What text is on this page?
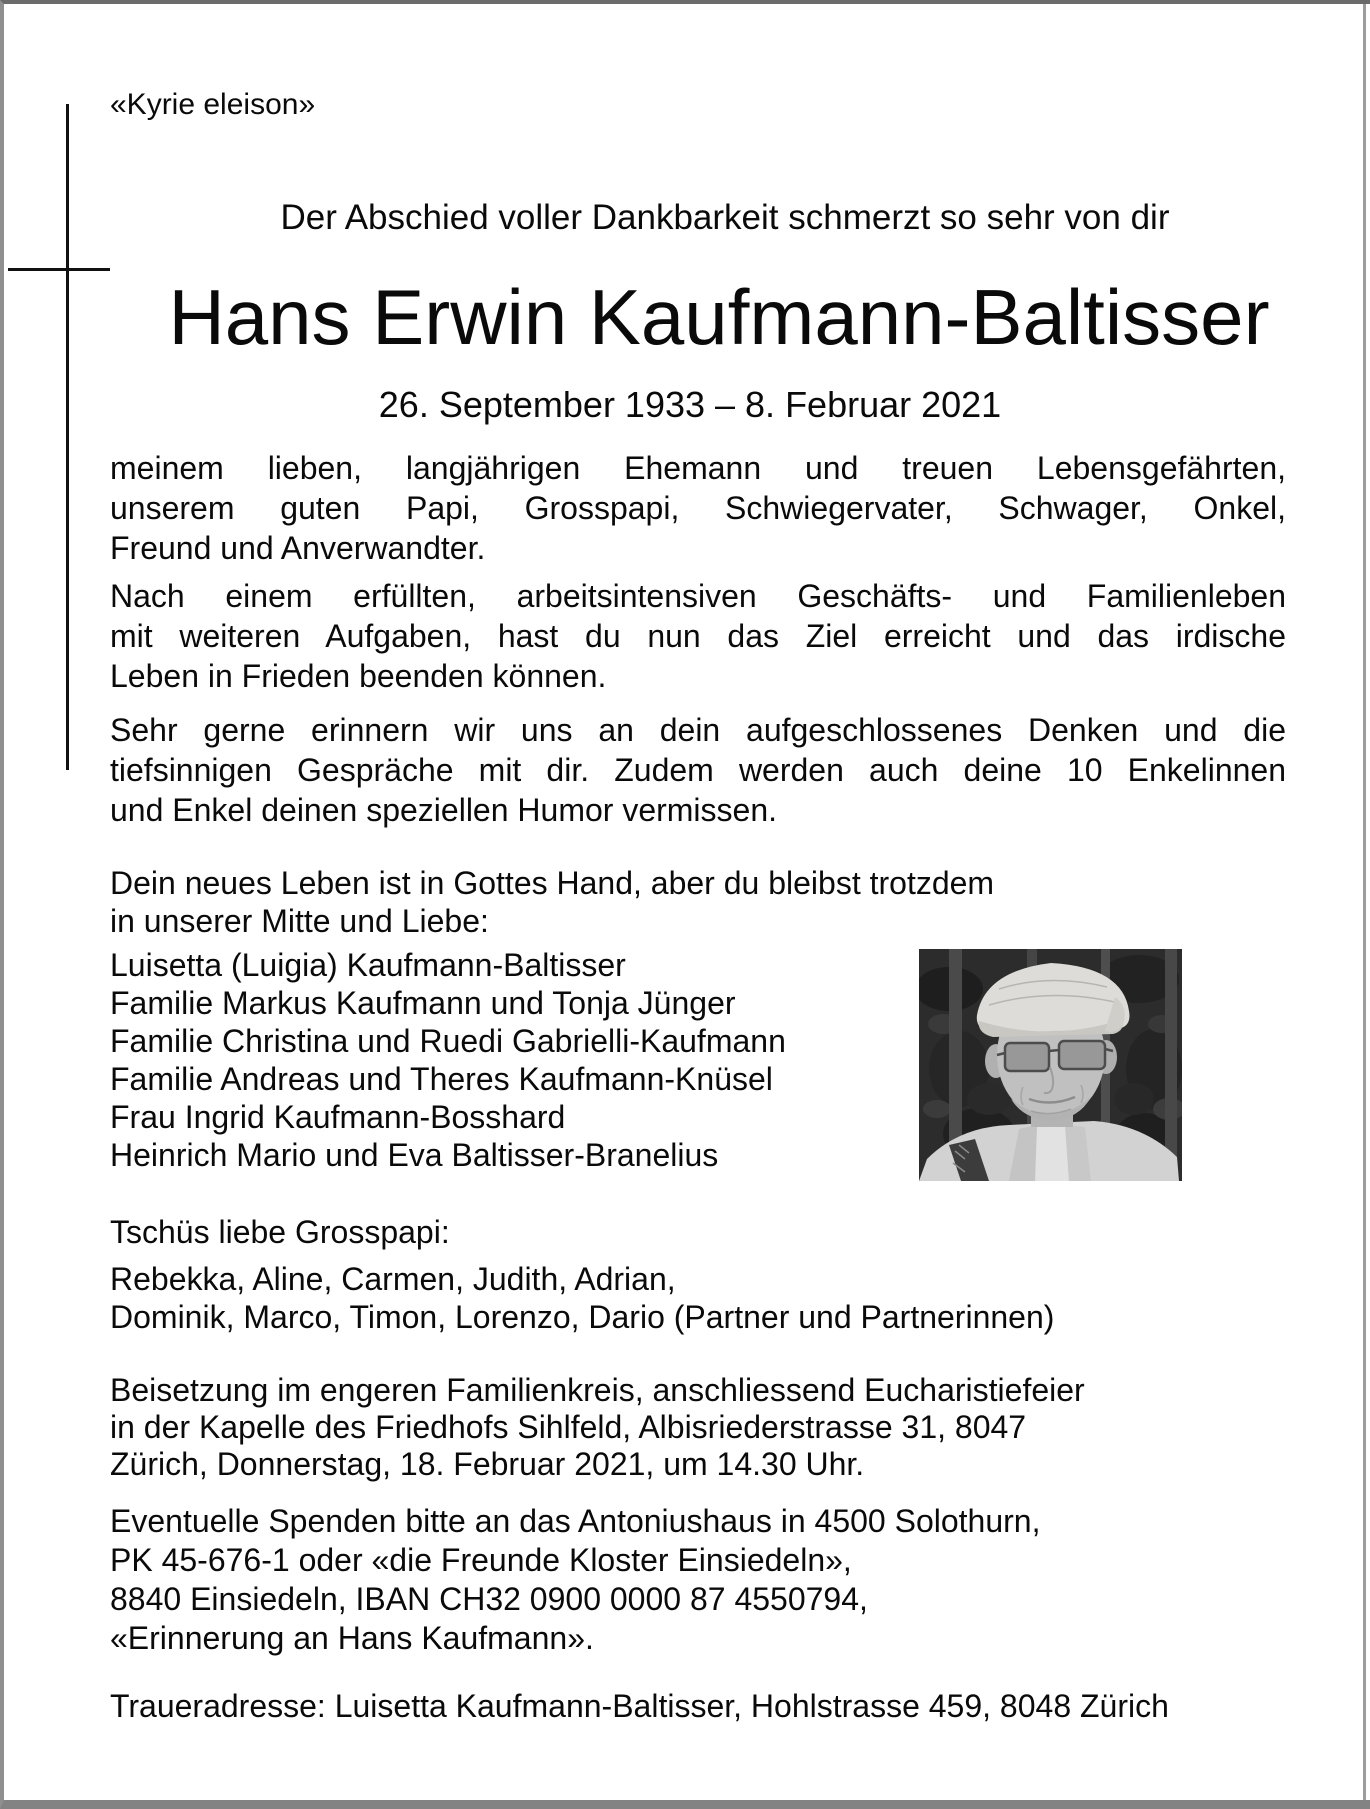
«Kyrie eleison»
Der Abschied voller Dankbarkeit schmerzt so sehr von dir
Hans Erwin Kaufmann-Baltisser
26. September 1933 – 8. Februar 2021
meinem lieben, langjährigen Ehemann und treuen Lebensgefährten,
unserem guten Papi, Grosspapi, Schwiegervater, Schwager, Onkel,
Freund und Anverwandter.
Nach einem erfüllten, arbeitsintensiven Geschäfts- und Familienleben
mit weiteren Aufgaben, hast du nun das Ziel erreicht und das irdische
Leben in Frieden beenden können.
Sehr gerne erinnern wir uns an dein aufgeschlossenes Denken und die
tiefsinnigen Gespräche mit dir. Zudem werden auch deine 10 Enkelinnen
und Enkel deinen speziellen Humor vermissen.
Dein neues Leben ist in Gottes Hand, aber du bleibst trotzdem
in unserer Mitte und Liebe:
Luisetta (Luigia) Kaufmann-Baltisser
Familie Markus Kaufmann und Tonja Jünger
Familie Christina und Ruedi Gabrielli-Kaufmann
Familie Andreas und Theres Kaufmann-Knüsel
Frau Ingrid Kaufmann-Bosshard
Heinrich Mario und Eva Baltisser-Branelius
Tschüs liebe Grosspapi:
Rebekka, Aline, Carmen, Judith, Adrian,
Dominik, Marco, Timon, Lorenzo, Dario (Partner und Partnerinnen)
Beisetzung im engeren Familienkreis, anschliessend Eucharistiefeier
in der Kapelle des Friedhofs Sihlfeld, Albisriederstrasse 31, 8047
Zürich, Donnerstag, 18. Februar 2021, um 14.30 Uhr.
Eventuelle Spenden bitte an das Antoniushaus in 4500 Solothurn,
PK 45-676-1 oder «die Freunde Kloster Einsiedeln»,
8840 Einsiedeln, IBAN CH32 0900 0000 87 4550794,
«Erinnerung an Hans Kaufmann».
Traueradresse: Luisetta Kaufmann-Baltisser, Hohlstrasse 459, 8048 Zürich
